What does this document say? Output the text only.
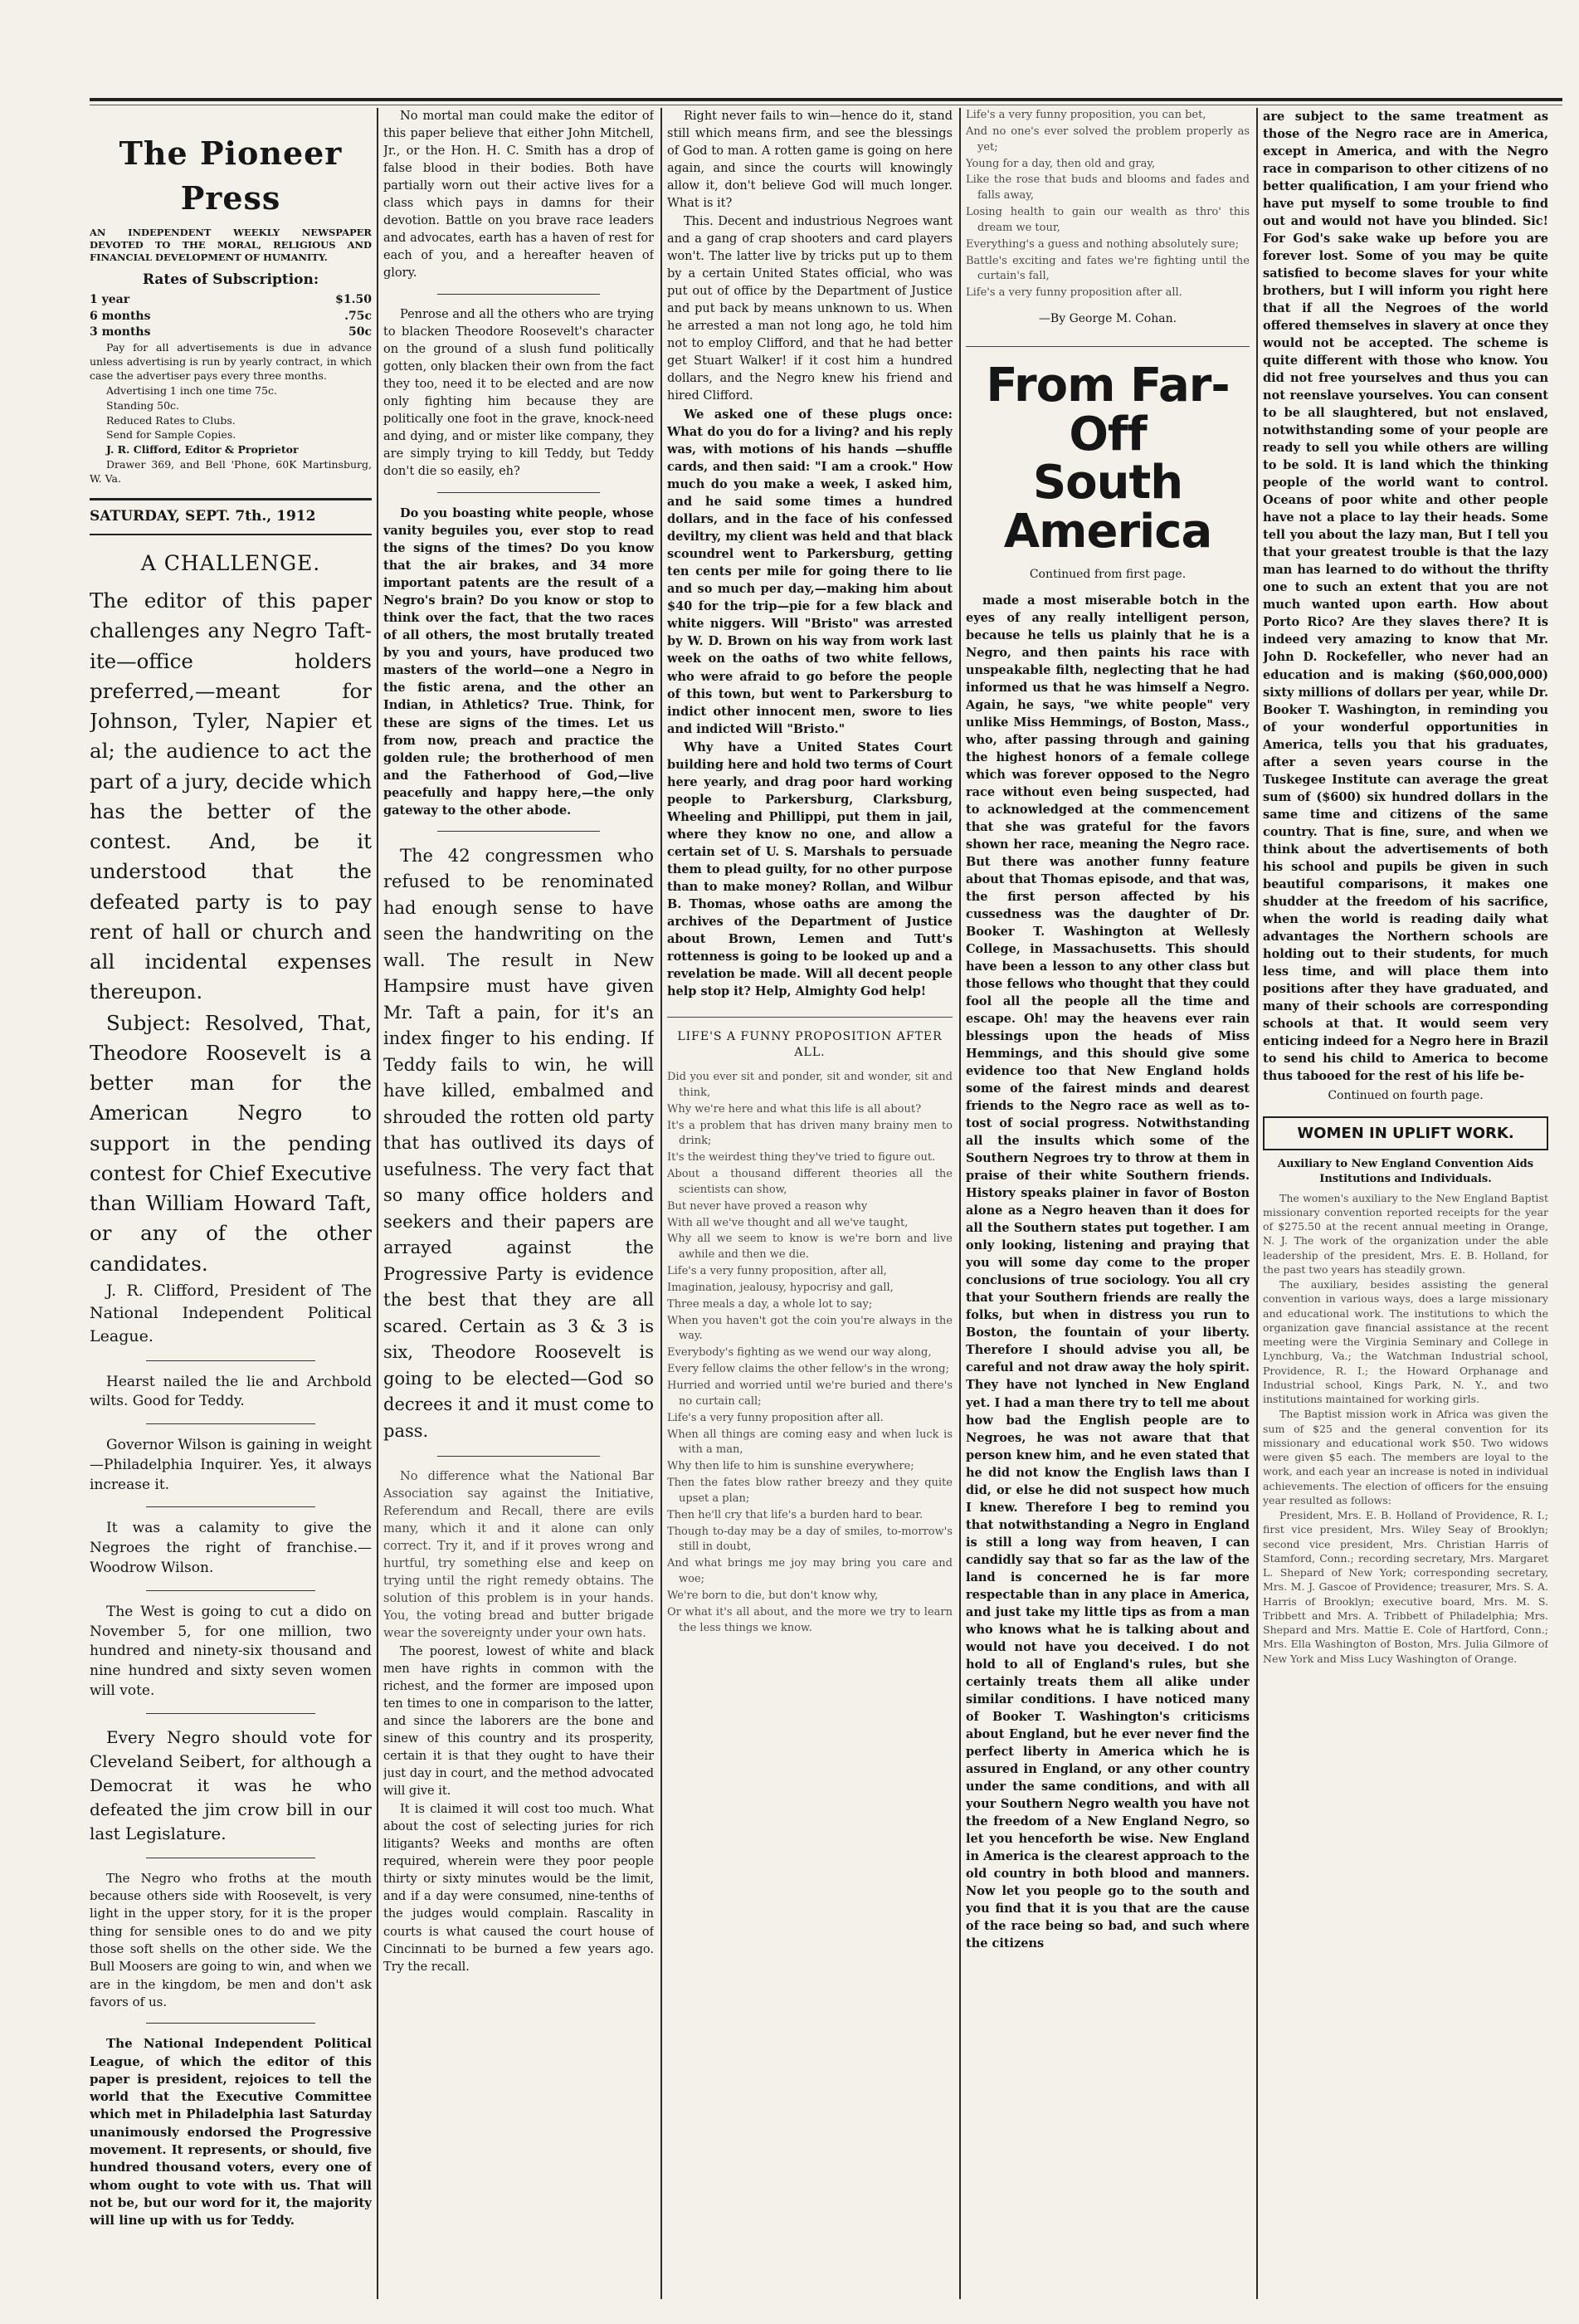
The Pioneer Press

AN INDEPENDENT WEEKLY NEWSPAPER DEVOTED TO THE MORAL, RELIGIOUS AND FINANCIAL DEVELOPMENT OF HUMANITY.

Rates of Subscription:
1 year	$1.50
6 months	.75c
3 months	50c

Pay for all advertisements is due in advance unless advertising is run by yearly contract, in which case the advertiser pays every three months.

Advertising 1 inch one time 75c.

Standing 50c.

Reduced Rates to Clubs.

Send for Sample Copies.

J. R. Clifford, Editor & Proprietor

Drawer 369, and Bell 'Phone, 60K Martinsburg, W. Va.

SATURDAY, SEPT. 7th., 1912
A CHALLENGE.

The editor of this paper challenges any Negro Taft-ite—office holders preferred,—meant for Johnson, Tyler, Napier et al; the audience to act the part of a jury, decide which has the better of the contest. And, be it understood that the defeated party is to pay rent of hall or church and all incidental expenses thereupon.

Subject: Resolved, That, Theodore Roosevelt is a better man for the American Negro to support in the pending contest for Chief Executive than William Howard Taft, or any of the other candidates.

J. R. Clifford, President of The National Independent Political League.

Hearst nailed the lie and Archbold wilts. Good for Teddy.

Governor Wilson is gaining in weight—Philadelphia Inquirer. Yes, it always increase it.

It was a calamity to give the Negroes the right of franchise.—Woodrow Wilson.

The West is going to cut a dido on November 5, for one million, two hundred and ninety-six thousand and nine hundred and sixty seven women will vote.

Every Negro should vote for Cleveland Seibert, for although a Democrat it was he who defeated the jim crow bill in our last Legislature.

The Negro who froths at the mouth because others side with Roosevelt, is very light in the upper story, for it is the proper thing for sensible ones to do and we pity those soft shells on the other side. We the Bull Moosers are going to win, and when we are in the kingdom, be men and don't ask favors of us.

The National Independent Political League, of which the editor of this paper is president, rejoices to tell the world that the Executive Committee which met in Philadelphia last Saturday unanimously endorsed the Progressive movement. It represents, or should, five hundred thousand voters, every one of whom ought to vote with us. That will not be, but our word for it, the majority will line up with us for Teddy.

No mortal man could make the editor of this paper believe that either John Mitchell, Jr., or the Hon. H. C. Smith has a drop of false blood in their bodies. Both have partially worn out their active lives for a class which pays in damns for their devotion. Battle on you brave race leaders and advocates, earth has a haven of rest for each of you, and a hereafter heaven of glory.

Penrose and all the others who are trying to blacken Theodore Roosevelt's character on the ground of a slush fund politically gotten, only blacken their own from the fact they too, need it to be elected and are now only fighting him because they are politically one foot in the grave, knock-need and dying, and or mister like company, they are simply trying to kill Teddy, but Teddy don't die so easily, eh?

Do you boasting white people, whose vanity beguiles you, ever stop to read the signs of the times? Do you know that the air brakes, and 34 more important patents are the result of a Negro's brain? Do you know or stop to think over the fact, that the two races of all others, the most brutally treated by you and yours, have produced two masters of the world—one a Negro in the fistic arena, and the other an Indian, in Athletics? True. Think, for these are signs of the times. Let us from now, preach and practice the golden rule; the brotherhood of men and the Fatherhood of God,—live peacefully and happy here,—the only gateway to the other abode.

The 42 congressmen who refused to be renominated had enough sense to have seen the handwriting on the wall. The result in New Hampsire must have given Mr. Taft a pain, for it's an index finger to his ending. If Teddy fails to win, he will have killed, embalmed and shrouded the rotten old party that has outlived its days of usefulness. The very fact that so many office holders and seekers and their papers are arrayed against the Progressive Party is evidence the best that they are all scared. Certain as 3 & 3 is six, Theodore Roosevelt is going to be elected—God so decrees it and it must come to pass.

No difference what the National Bar Association say against the Initiative, Referendum and Recall, there are evils many, which it and it alone can only correct. Try it, and if it proves wrong and hurtful, try something else and keep on trying until the right remedy obtains. The solution of this problem is in your hands. You, the voting bread and butter brigade wear the sovereignty under your own hats.

The poorest, lowest of white and black men have rights in common with the richest, and the former are imposed upon ten times to one in comparison to the latter, and since the laborers are the bone and sinew of this country and its prosperity, certain it is that they ought to have their just day in court, and the method advocated will give it.

It is claimed it will cost too much. What about the cost of selecting juries for rich litigants? Weeks and months are often required, wherein were they poor people thirty or sixty minutes would be the limit, and if a day were consumed, nine-tenths of the judges would complain. Rascality in courts is what caused the court house of Cincinnati to be burned a few years ago. Try the recall.

Right never fails to win—hence do it, stand still which means firm, and see the blessings of God to man. A rotten game is going on here again, and since the courts will knowingly allow it, don't believe God will much longer. What is it?

This. Decent and industrious Negroes want and a gang of crap shooters and card players won't. The latter live by tricks put up to them by a certain United States official, who was put out of office by the Department of Justice and put back by means unknown to us. When he arrested a man not long ago, he told him not to employ Clifford, and that he had better get Stuart Walker! if it cost him a hundred dollars, and the Negro knew his friend and hired Clifford.

We asked one of these plugs once: What do you do for a living? and his reply was, with motions of his hands —shuffle cards, and then said: "I am a crook." How much do you make a week, I asked him, and he said some times a hundred dollars, and in the face of his confessed deviltry, my client was held and that black scoundrel went to Parkersburg, getting ten cents per mile for going there to lie and so much per day,—making him about $40 for the trip—pie for a few black and white niggers. Will "Bristo" was arrested by W. D. Brown on his way from work last week on the oaths of two white fellows, who were afraid to go before the people of this town, but went to Parkersburg to indict other innocent men, swore to lies and indicted Will "Bristo."

Why have a United States Court building here and hold two terms of Court here yearly, and drag poor hard working people to Parkersburg, Clarksburg, Wheeling and Phillippi, put them in jail, where they know no one, and allow a certain set of U. S. Marshals to persuade them to plead guilty, for no other purpose than to make money? Rollan, and Wilbur B. Thomas, whose oaths are among the archives of the Department of Justice about Brown, Lemen and Tutt's rottenness is going to be looked up and a revelation be made. Will all decent people help stop it? Help, Almighty God help!

LIFE'S A FUNNY PROPOSITION AFTER ALL.

Did you ever sit and ponder, sit and wonder, sit and think,

Why we're here and what this life is all about?

It's a problem that has driven many brainy men to drink;

It's the weirdest thing they've tried to figure out.

About a thousand different theories all the scientists can show,

But never have proved a reason why

With all we've thought and all we've taught,

Why all we seem to know is we're born and live awhile and then we die.

Life's a very funny proposition, after all,

Imagination, jealousy, hypocrisy and gall,

Three meals a day, a whole lot to say;

When you haven't got the coin you're always in the way.

Everybody's fighting as we wend our way along,

Every fellow claims the other fellow's in the wrong;

Hurried and worried until we're buried and there's no curtain call;

Life's a very funny proposition after all.

When all things are coming easy and when luck is with a man,

Why then life to him is sunshine everywhere;

Then the fates blow rather breezy and they quite upset a plan;

Then he'll cry that life's a burden hard to bear.

Though to-day may be a day of smiles, to-morrow's still in doubt,

And what brings me joy may bring you care and woe;

We're born to die, but don't know why,

Or what it's all about, and the more we try to learn the less things we know.

Life's a very funny proposition, you can bet,

And no one's ever solved the problem properly as yet;

Young for a day, then old and gray,

Like the rose that buds and blooms and fades and falls away,

Losing health to gain our wealth as thro' this dream we tour,

Everything's a guess and nothing absolutely sure;

Battle's exciting and fates we're fighting until the curtain's fall,

Life's a very funny proposition after all.

—By George M. Cohan.

From Far-Off
South America

Continued from first page.

made a most miserable botch in the eyes of any really intelligent person, because he tells us plainly that he is a Negro, and then paints his race with unspeakable filth, neglecting that he had informed us that he was himself a Negro. Again, he says, "we white people" very unlike Miss Hemmings, of Boston, Mass., who, after passing through and gaining the highest honors of a female college which was forever opposed to the Negro race without even being suspected, had to acknowledged at the commencement that she was grateful for the favors shown her race, meaning the Negro race. But there was another funny feature about that Thomas episode, and that was, the first person affected by his cussedness was the daughter of Dr. Booker T. Washington at Wellesly College, in Massachusetts. This should have been a lesson to any other class but those fellows who thought that they could fool all the people all the time and escape. Oh! may the heavens ever rain blessings upon the heads of Miss Hemmings, and this should give some evidence too that New England holds some of the fairest minds and dearest friends to the Negro race as well as to-tost of social progress. Notwithstanding all the insults which some of the Southern Negroes try to throw at them in praise of their white Southern friends. History speaks plainer in favor of Boston alone as a Negro heaven than it does for all the Southern states put together. I am only looking, listening and praying that you will some day come to the proper conclusions of true sociology. You all cry that your Southern friends are really the folks, but when in distress you run to Boston, the fountain of your liberty. Therefore I should advise you all, be careful and not draw away the holy spirit. They have not lynched in New England yet. I had a man there try to tell me about how bad the English people are to Negroes, he was not aware that that person knew him, and he even stated that he did not know the English laws than I did, or else he did not suspect how much I knew. Therefore I beg to remind you that notwithstanding a Negro in England is still a long way from heaven, I can candidly say that so far as the law of the land is concerned he is far more respectable than in any place in America, and just take my little tips as from a man who knows what he is talking about and would not have you deceived. I do not hold to all of England's rules, but she certainly treats them all alike under similar conditions. I have noticed many of Booker T. Washington's criticisms about England, but he ever never find the perfect liberty in America which he is assured in England, or any other country under the same conditions, and with all your Southern Negro wealth you have not the freedom of a New England Negro, so let you henceforth be wise. New England in America is the clearest approach to the old country in both blood and manners. Now let you people go to the south and you find that it is you that are the cause of the race being so bad, and such where the citizens

are subject to the same treatment as those of the Negro race are in America, except in America, and with the Negro race in comparison to other citizens of no better qualification, I am your friend who have put myself to some trouble to find out and would not have you blinded. Sic! For God's sake wake up before you are forever lost. Some of you may be quite satisfied to become slaves for your white brothers, but I will inform you right here that if all the Negroes of the world offered themselves in slavery at once they would not be accepted. The scheme is quite different with those who know. You did not free yourselves and thus you can not reenslave yourselves. You can consent to be all slaughtered, but not enslaved, notwithstanding some of your people are ready to sell you while others are willing to be sold. It is land which the thinking people of the world want to control. Oceans of poor white and other people have not a place to lay their heads. Some tell you about the lazy man, But I tell you that your greatest trouble is that the lazy man has learned to do without the thrifty one to such an extent that you are not much wanted upon earth. How about Porto Rico? Are they slaves there? It is indeed very amazing to know that Mr. John D. Rockefeller, who never had an education and is making ($60,000,000) sixty millions of dollars per year, while Dr. Booker T. Washington, in reminding you of your wonderful opportunities in America, tells you that his graduates, after a seven years course in the Tuskegee Institute can average the great sum of ($600) six hundred dollars in the same time and citizens of the same country. That is fine, sure, and when we think about the advertisements of both his school and pupils be given in such beautiful comparisons, it makes one shudder at the freedom of his sacrifice, when the world is reading daily what advantages the Northern schools are holding out to their students, for much less time, and will place them into positions after they have graduated, and many of their schools are corresponding schools at that. It would seem very enticing indeed for a Negro here in Brazil to send his child to America to become thus tabooed for the rest of his life be-

Continued on fourth page.

WOMEN IN UPLIFT WORK.

Auxiliary to New England Convention Aids Institutions and Individuals.

The women's auxiliary to the New England Baptist missionary convention reported receipts for the year of $275.50 at the recent annual meeting in Orange, N. J. The work of the organization under the able leadership of the president, Mrs. E. B. Holland, for the past two years has steadily grown.

The auxiliary, besides assisting the general convention in various ways, does a large missionary and educational work. The institutions to which the organization gave financial assistance at the recent meeting were the Virginia Seminary and College in Lynchburg, Va.; the Watchman Industrial school, Providence, R. I.; the Howard Orphanage and Industrial school, Kings Park, N. Y., and two institutions maintained for working girls.

The Baptist mission work in Africa was given the sum of $25 and the general convention for its missionary and educational work $50. Two widows were given $5 each. The members are loyal to the work, and each year an increase is noted in individual achievements. The election of officers for the ensuing year resulted as follows:

President, Mrs. E. B. Holland of Providence, R. I.; first vice president, Mrs. Wiley Seay of Brooklyn; second vice president, Mrs. Christian Harris of Stamford, Conn.; recording secretary, Mrs. Margaret L. Shepard of New York; corresponding secretary, Mrs. M. J. Gascoe of Providence; treasurer, Mrs. S. A. Harris of Brooklyn; executive board, Mrs. M. S. Tribbett and Mrs. A. Tribbett of Philadelphia; Mrs. Shepard and Mrs. Mattie E. Cole of Hartford, Conn.; Mrs. Ella Washington of Boston, Mrs. Julia Gilmore of New York and Miss Lucy Washington of Orange.
